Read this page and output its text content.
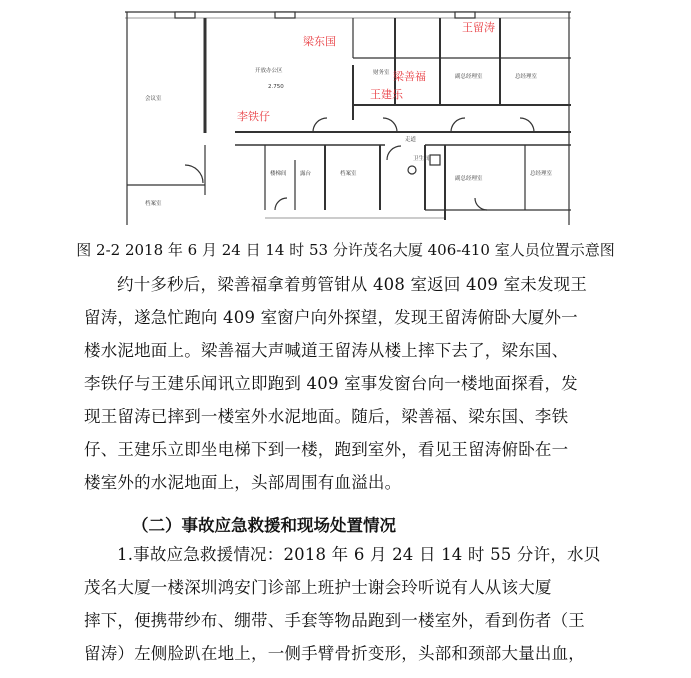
会议室
开放办公区
档案室
副总经理室	总经理室
财务室
走道
楼梯间 露台	档案室
卫生间
副总经理室
总经理室
2.750
梁东国
王留涛
梁善福
王建乐
李铁仔
图 2-2 2018 年 6 月 24 日 14 时 53 分许茂名大厦 406-410 室人员位置示意图
约十多秒后，梁善福拿着剪管钳从 408 室返回 409 室未发现王
留涛，遂急忙跑向 409 室窗户向外探望，发现王留涛俯卧大厦外一
楼水泥地面上。梁善福大声喊道王留涛从楼上摔下去了，梁东国、
李铁仔与王建乐闻讯立即跑到 409 室事发窗台向一楼地面探看，发
现王留涛已摔到一楼室外水泥地面。随后，梁善福、梁东国、李铁
仔、王建乐立即坐电梯下到一楼，跑到室外，看见王留涛俯卧在一
楼室外的水泥地面上，头部周围有血溢出。
（二）事故应急救援和现场处置情况
1.事故应急救援情况：2018 年 6 月 24 日 14 时 55 分许，水贝
茂名大厦一楼深圳鸿安门诊部上班护士谢会玲听说有人从该大厦
摔下，便携带纱布、绷带、手套等物品跑到一楼室外，看到伤者（王
留涛）左侧脸趴在地上，一侧手臂骨折变形，头部和颈部大量出血，
